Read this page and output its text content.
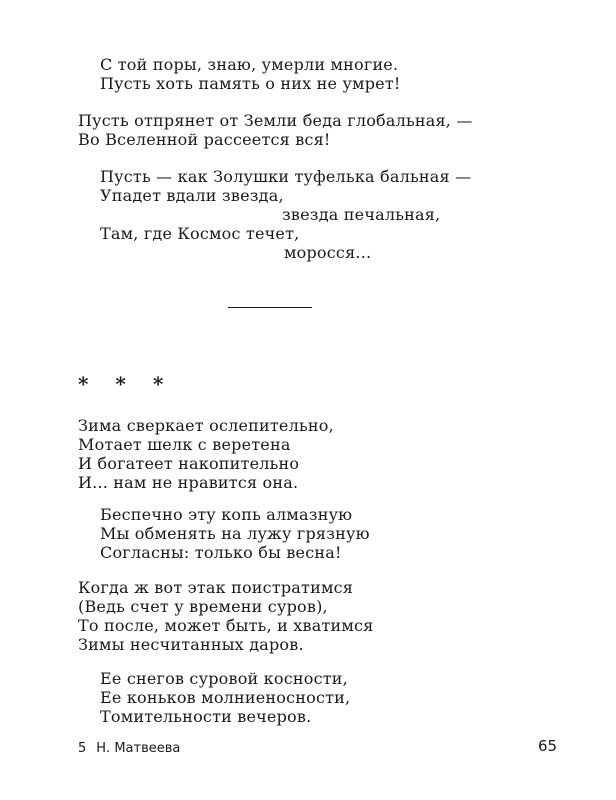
С той поры, знаю, умерли многие.
Пусть хоть память о них не умрет!
Пусть отпрянет от Земли беда глобальная, —
Во Вселенной рассеется вся!
Пусть — как Золушки туфелька бальная —
Упадет вдали звезда,
звезда печальная,
Там, где Космос течет,
моросся...
* * *
Зима сверкает ослепительно,
Мотает шелк с веретена
И богатеет накопительно
И... нам не нравится она.
Беспечно эту копь алмазную
Мы обменять на лужу грязную
Согласны: только бы весна!
Когда ж вот этак поистратимся
(Ведь счет у времени суров),
То после, может быть, и хватимся
Зимы несчитанных даров.
Ее снегов суровой косности,
Ее коньков молниеносности,
Томительности вечеров.
5 Н. Матвеева	65
